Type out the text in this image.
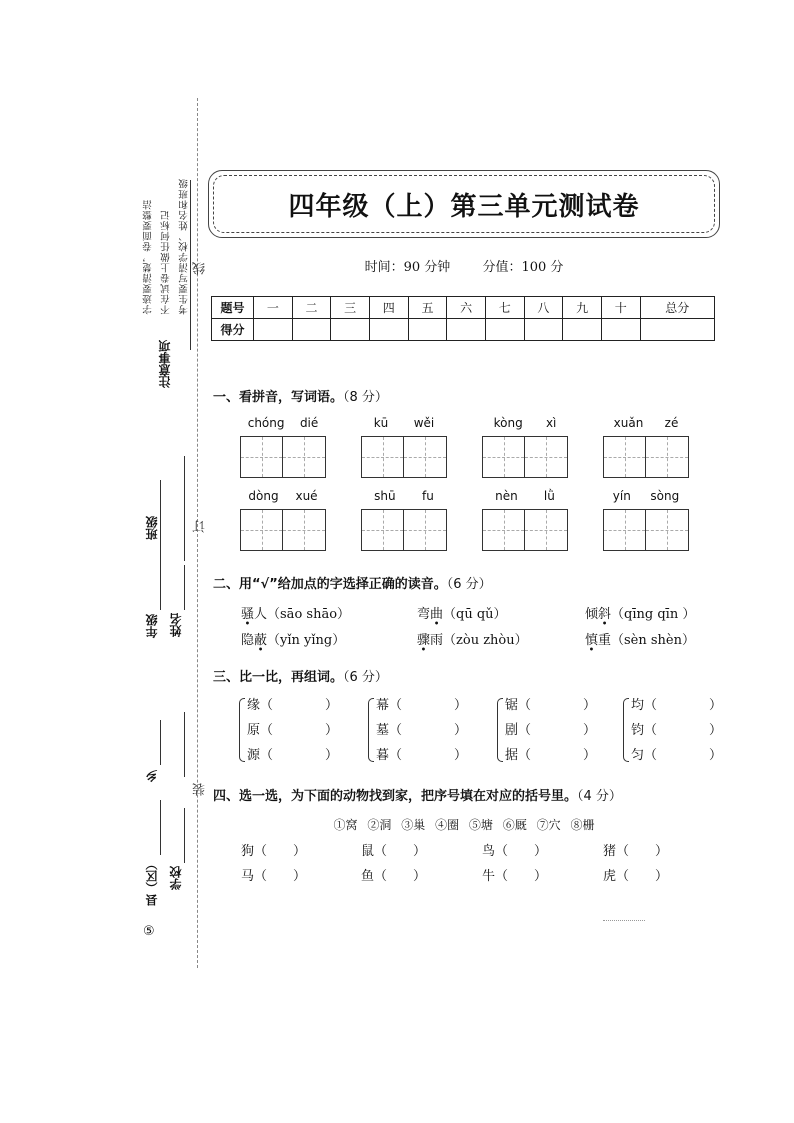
考生要写清学校、姓名和班级
不在试卷上做任何标记
字迹要清楚，卷面要整洁
注意事项
线
班级	订
年级 姓名
乡
装
县（区） 学校
⑤
四年级（上）第三单元测试卷
时间：90 分钟 分值：100 分
题号	一	二	三	四	五	六	七	八	九	十	总分
得分											
一、看拼音，写词语。（8 分）
chóng dié	kū wěi	kòng xì	xuǎn zé
dòng xué	shū fu	nèn lǜ	yín sòng
二、用“√”给加点的字选择正确的读音。（6 分）
骚人（sāo shāo）	弯曲（qū qǔ）	倾斜（qīng qīn ）
隐蔽（yǐn yǐng）	骤雨（zòu zhòu）	慎重（sèn shèn）
三、比一比，再组词。（6 分）
缘（　　　　）
原（　　　　）
源（　　　　）
幕（　　　　）
墓（　　　　）
暮（　　　　）
锯（　　　　）
剧（　　　　）
据（　　　　）
均（　　　　）
钧（　　　　）
匀（　　　　）
四、选一选，为下面的动物找到家，把序号填在对应的括号里。（4 分）
①窝 ②洞 ③巢 ④圈 ⑤塘 ⑥厩 ⑦穴 ⑧栅
狗（　　）	鼠（　　）	鸟（　　）	猪（　　）
马（　　）	鱼（　　）	牛（　　）	虎（　　）
